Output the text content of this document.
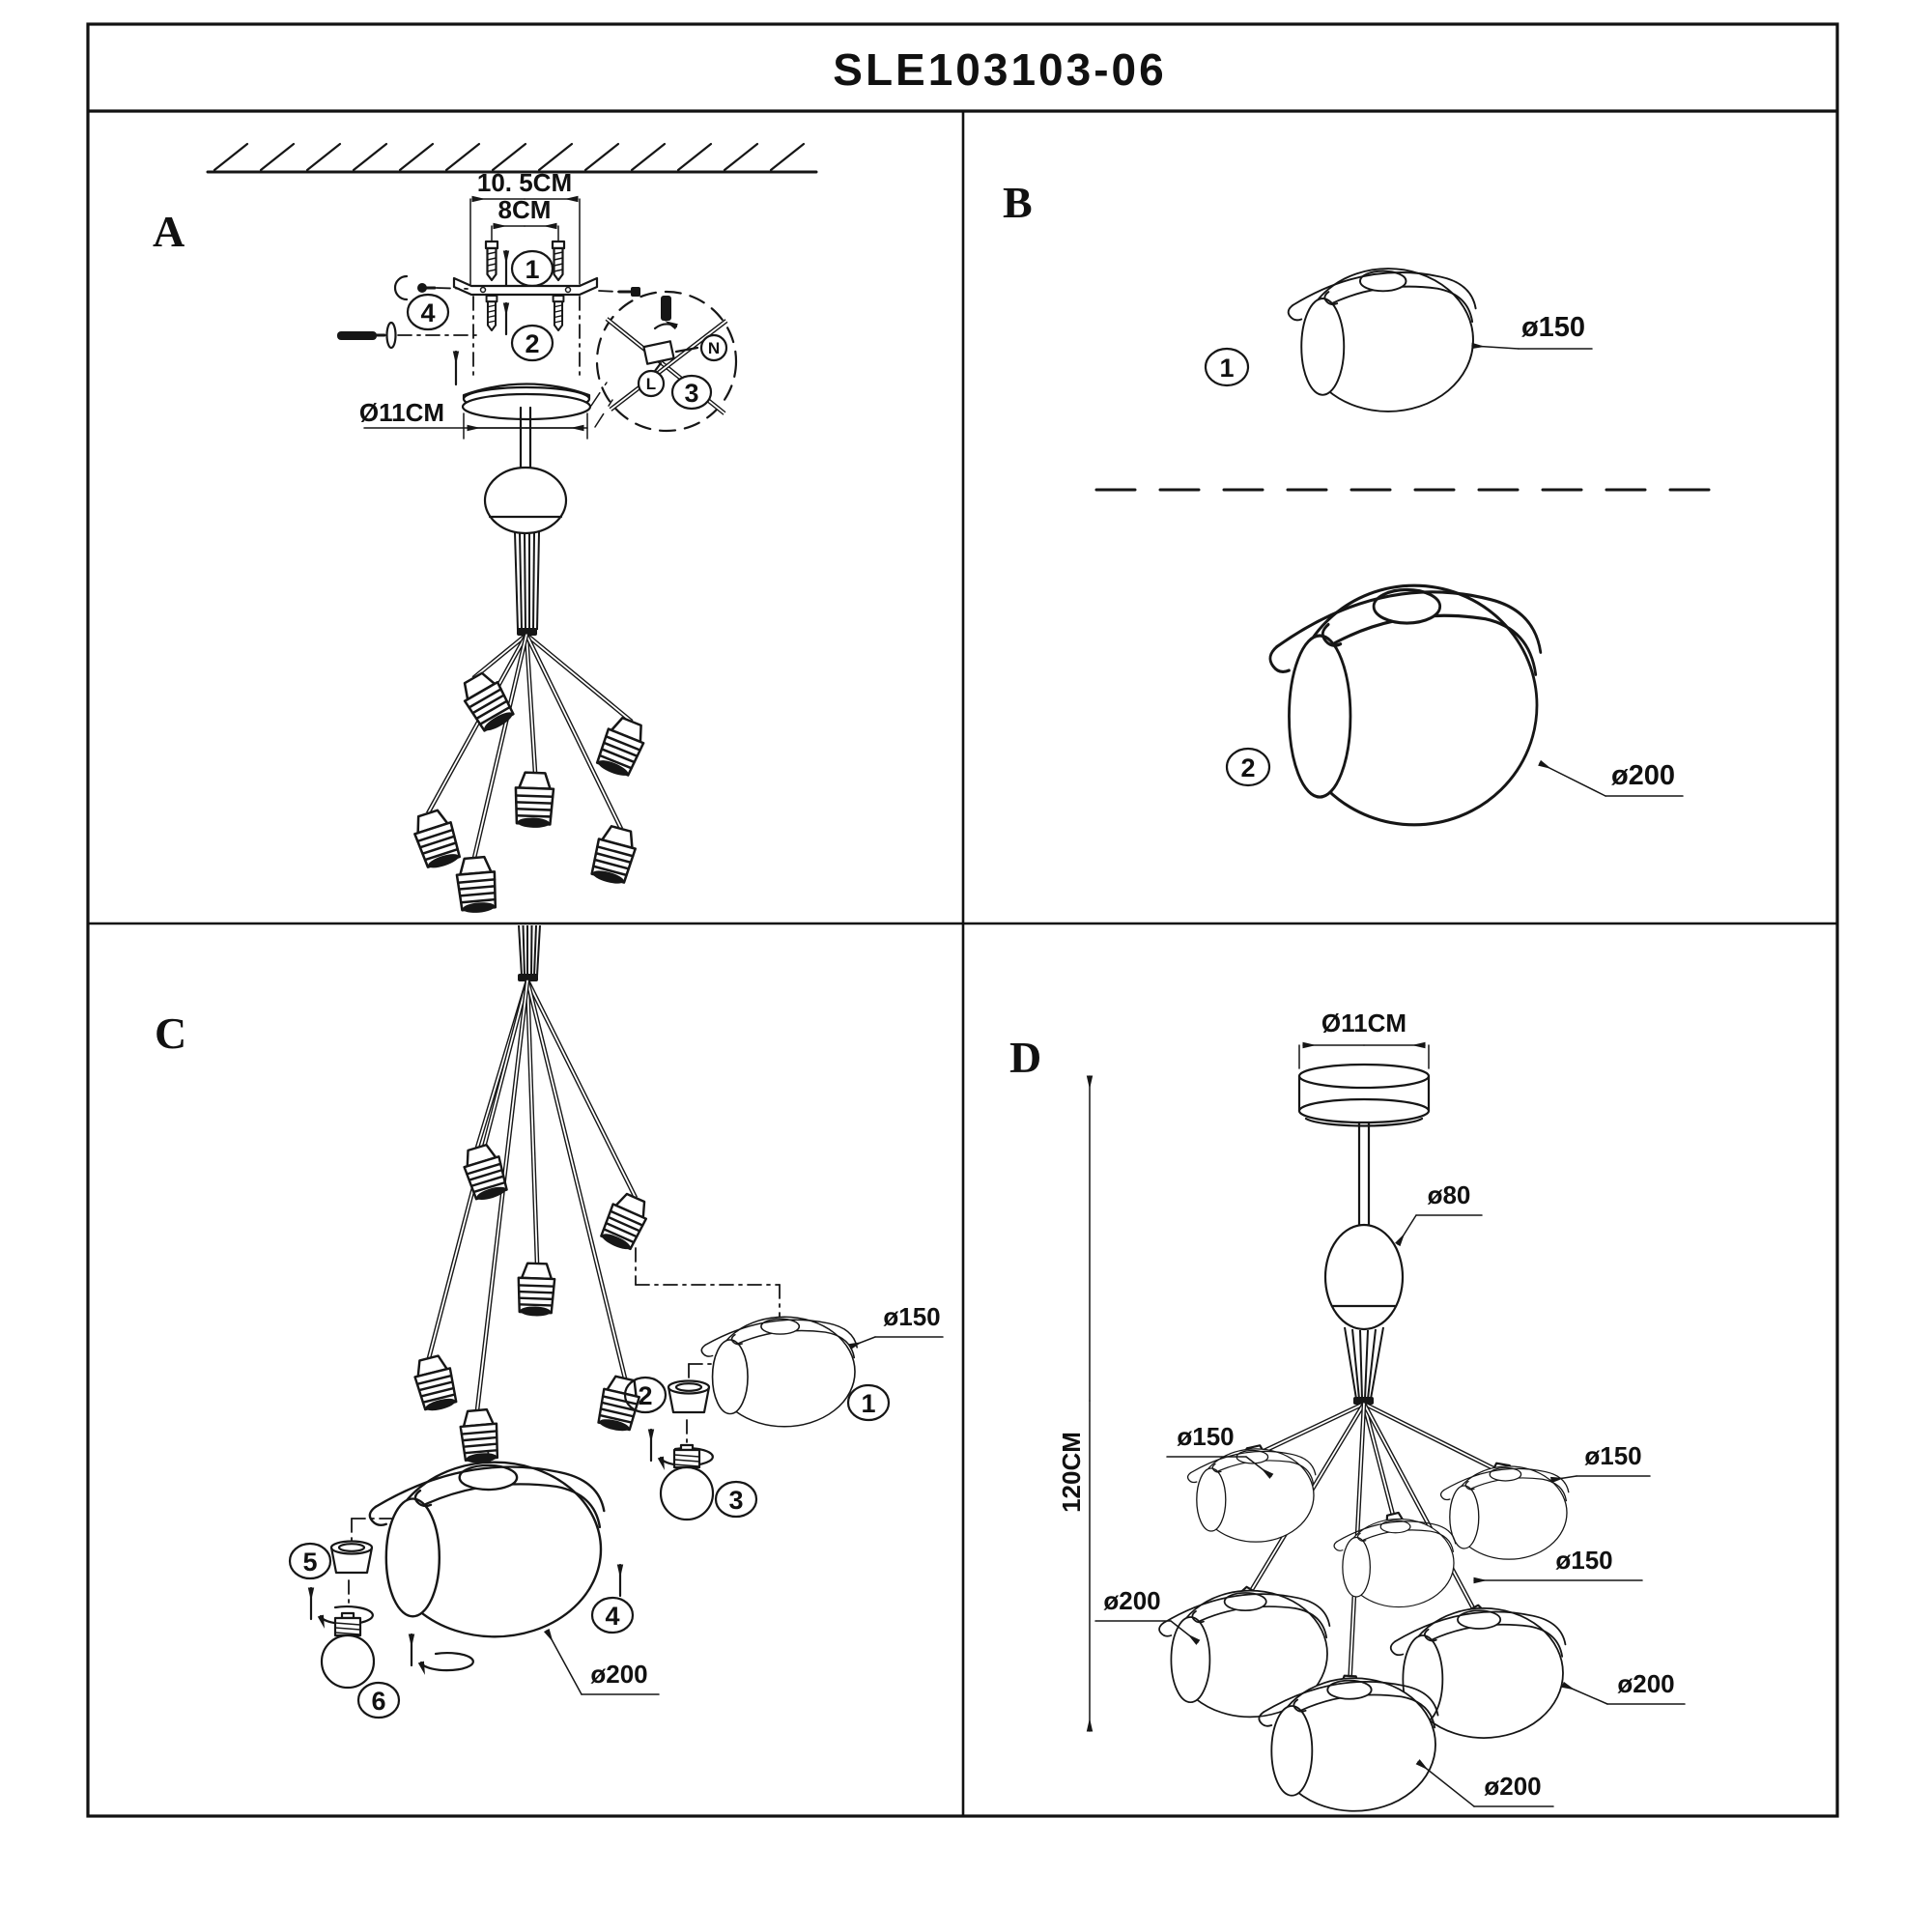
SLE103103-06
A
10. 5CM
8CM
1
4
2
Ø11CM
N
L 3
B
1
ø150
2	ø200
C
ø150
1
2
3
5
6
4
ø200
D
120CM
Ø11CM
ø80
ø150
ø150
ø150
ø200
ø200
ø200
